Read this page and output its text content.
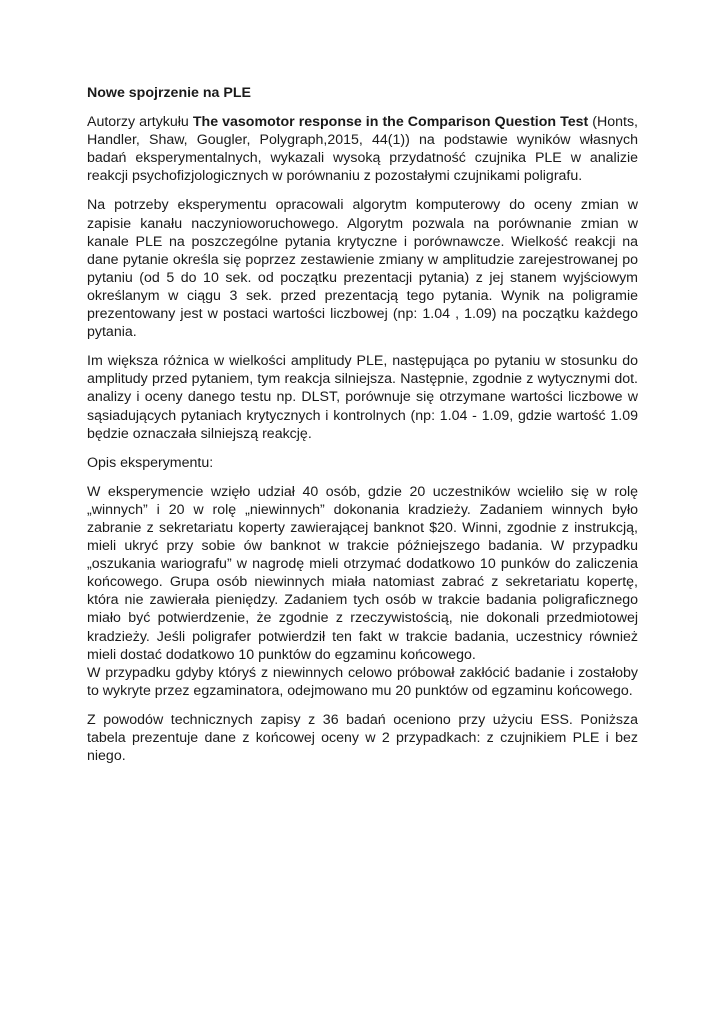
Nowe spojrzenie na PLE

Autorzy artykułu The vasomotor response in the Comparison Question Test (Honts, Handler, Shaw, Gougler, Polygraph,2015, 44(1)) na podstawie wyników własnych badań eksperymentalnych, wykazali wysoką przydatność czujnika PLE w analizie reakcji psychofizjologicznych w porównaniu z pozostałymi czujnikami poligrafu.

Na potrzeby eksperymentu opracowali algorytm komputerowy do oceny zmian w zapisie kanału naczynioworuchowego. Algorytm pozwala na porównanie zmian w kanale PLE na poszczególne pytania krytyczne i porównawcze. Wielkość reakcji na dane pytanie określa się poprzez zestawienie zmiany w amplitudzie zarejestrowanej po pytaniu (od 5 do 10 sek. od początku prezentacji pytania) z jej stanem wyjściowym określanym w ciągu 3 sek. przed prezentacją tego pytania. Wynik na poligramie prezentowany jest w postaci wartości liczbowej (np: 1.04 , 1.09) na początku każdego pytania.

Im większa różnica w wielkości amplitudy PLE, następująca po pytaniu w stosunku do amplitudy przed pytaniem, tym reakcja silniejsza. Następnie, zgodnie z wytycznymi dot. analizy i oceny danego testu np. DLST, porównuje się otrzymane wartości liczbowe w sąsiadujących pytaniach krytycznych i kontrolnych (np: 1.04 - 1.09, gdzie wartość 1.09 będzie oznaczała silniejszą reakcję.

Opis eksperymentu:

W eksperymencie wzięło udział 40 osób, gdzie 20 uczestników wcieliło się w rolę „winnych” i 20 w rolę „niewinnych” dokonania kradzieży. Zadaniem winnych było zabranie z sekretariatu koperty zawierającej banknot $20. Winni, zgodnie z instrukcją, mieli ukryć przy sobie ów banknot w trakcie późniejszego badania. W przypadku „oszukania wariografu” w nagrodę mieli otrzymać dodatkowo 10 punków do zaliczenia końcowego. Grupa osób niewinnych miała natomiast zabrać z sekretariatu kopertę, która nie zawierała pieniędzy. Zadaniem tych osób w trakcie badania poligraficznego miało być potwierdzenie, że zgodnie z rzeczywistością, nie dokonali przedmiotowej kradzieży. Jeśli poligrafer potwierdził ten fakt w trakcie badania, uczestnicy również mieli dostać dodatkowo 10 punktów do egzaminu końcowego.

W przypadku gdyby któryś z niewinnych celowo próbował zakłócić badanie i zostałoby to wykryte przez egzaminatora, odejmowano mu 20 punktów od egzaminu końcowego.

Z powodów technicznych zapisy z 36 badań oceniono przy użyciu ESS. Poniższa tabela prezentuje dane z końcowej oceny w 2 przypadkach: z czujnikiem PLE i bez niego.
